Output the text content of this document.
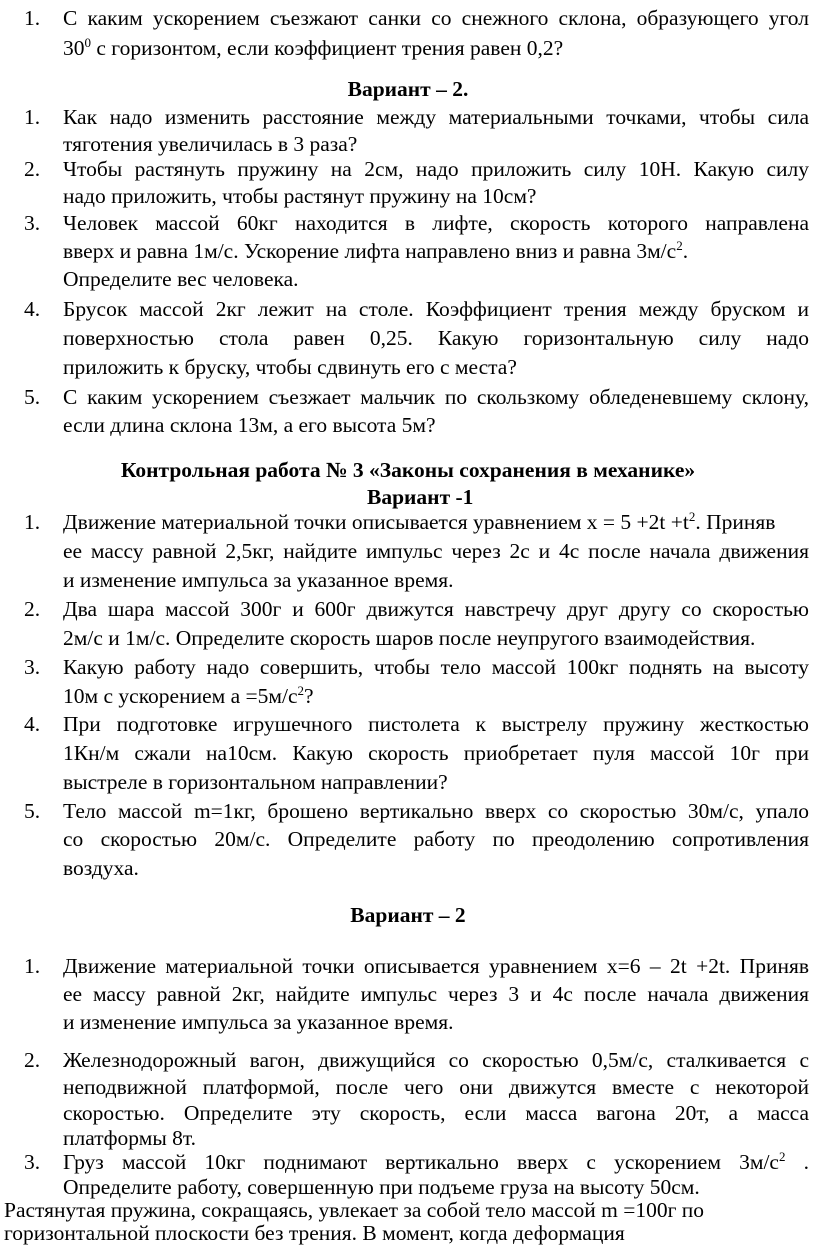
1. С каким ускорением съезжают санки со снежного склона, образующего угол
$30^0$ с горизонтом, если коэффициент трения равен 0,2?
Вариант – 2.
1. Как надо изменить расстояние между материальными точками, чтобы сила
тяготения увеличилась в 3 раза?
2. Чтобы растянуть пружину на 2см, надо приложить силу 10Н. Какую силу
надо приложить, чтобы растянут пружину на 10см?
3. Человек массой 60кг находится в лифте, скорость которого направлена
вверх и равна 1м/с. Ускорение лифта направлено вниз и равна $3м/с^2$.
Определите вес человека.
4. Брусок массой 2кг лежит на столе. Коэффициент трения между бруском и
поверхностью стола равен 0,25. Какую горизонтальную силу надо
приложить к бруску, чтобы сдвинуть его с места?
5. С каким ускорением съезжает мальчик по скользкому обледеневшему склону,
если длина склона 13м, а его высота 5м?
Контрольная работа № 3 «Законы сохранения в механике»
Вариант -1
1. Движение материальной точки описывается уравнением $x = 5 +2t +t^2$. Приняв
ее массу равной 2,5кг, найдите импульс через 2с и 4с после начала движения
и изменение импульса за указанное время.
2. Два шара массой 300г и 600г движутся навстречу друг другу со скоростью
2м/с и 1м/с. Определите скорость шаров после неупругого взаимодействия.
3. Какую работу надо совершить, чтобы тело массой 100кг поднять на высоту
10м с ускорением $a =5м/с^2$?
4. При подготовке игрушечного пистолета к выстрелу пружину жесткостью
1Кн/м сжали на10см. Какую скорость приобретает пуля массой 10г при
выстреле в горизонтальном направлении?
5. Тело массой m=1кг, брошено вертикально вверх со скоростью 30м/с, упало
со скоростью 20м/с. Определите работу по преодолению сопротивления
воздуха.
Вариант – 2
1. Движение материальной точки описывается уравнением x=6 – 2t +2t. Приняв
ее массу равной 2кг, найдите импульс через 3 и 4с после начала движения
и изменение импульса за указанное время.
2. Железнодорожный вагон, движущийся со скоростью 0,5м/с, сталкивается с
неподвижной платформой, после чего они движутся вместе с некоторой
скоростью. Определите эту скорость, если масса вагона 20т, а масса
платформы 8т.
3. Груз массой 10кг поднимают вертикально вверх с ускорением $3м/с^2$ .
Определите работу, совершенную при подъеме груза на высоту 50см.
Растянутая пружина, сокращаясь, увлекает за собой тело массой m =100г по
горизонтальной плоскости без трения. В момент, когда деформация
